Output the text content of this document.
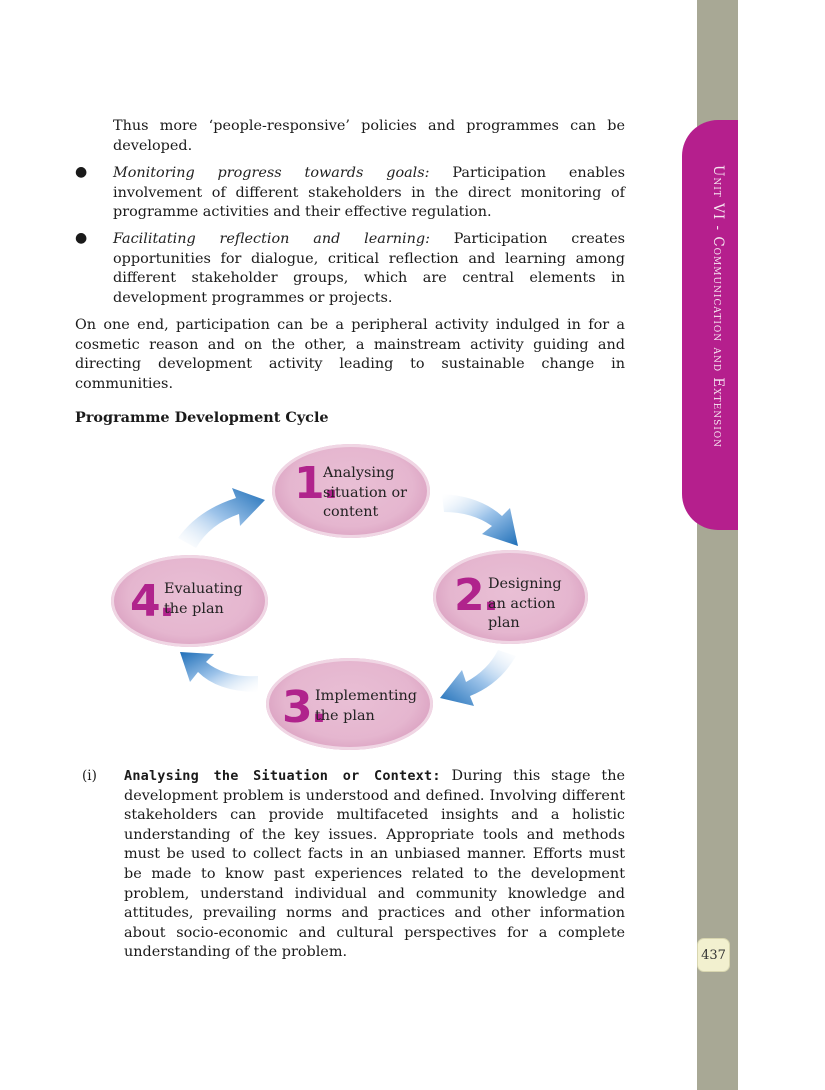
Unit VI - Communication and Extension
437

Thus more ‘people-responsive’ policies and programmes can be developed.

● Monitoring progress towards goals: Participation enables involvement of different stakeholders in the direct monitoring of programme activities and their effective regulation.

● Facilitating reflection and learning: Participation creates opportunities for dialogue, critical reflection and learning among different stakeholder groups, which are central elements in development programmes or projects.

On one end, participation can be a peripheral activity indulged in for a cosmetic reason and on the other, a mainstream activity guiding and directing development activity leading to sustainable change in communities.

Programme Development Cycle
1.
Analysing
situation or
content
2.
Designing
an action
plan
3.
Implementing
the plan
4.
Evaluating
the plan
(i) Analysing the Situation or Context: During this stage the development problem is understood and defined. Involving different stakeholders can provide multifaceted insights and a holistic understanding of the key issues. Appropriate tools and methods must be used to collect facts in an unbiased manner. Efforts must be made to know past experiences related to the development problem, understand individual and community knowledge and attitudes, prevailing norms and practices and other information about socio-economic and cultural perspectives for a complete understanding of the problem.
